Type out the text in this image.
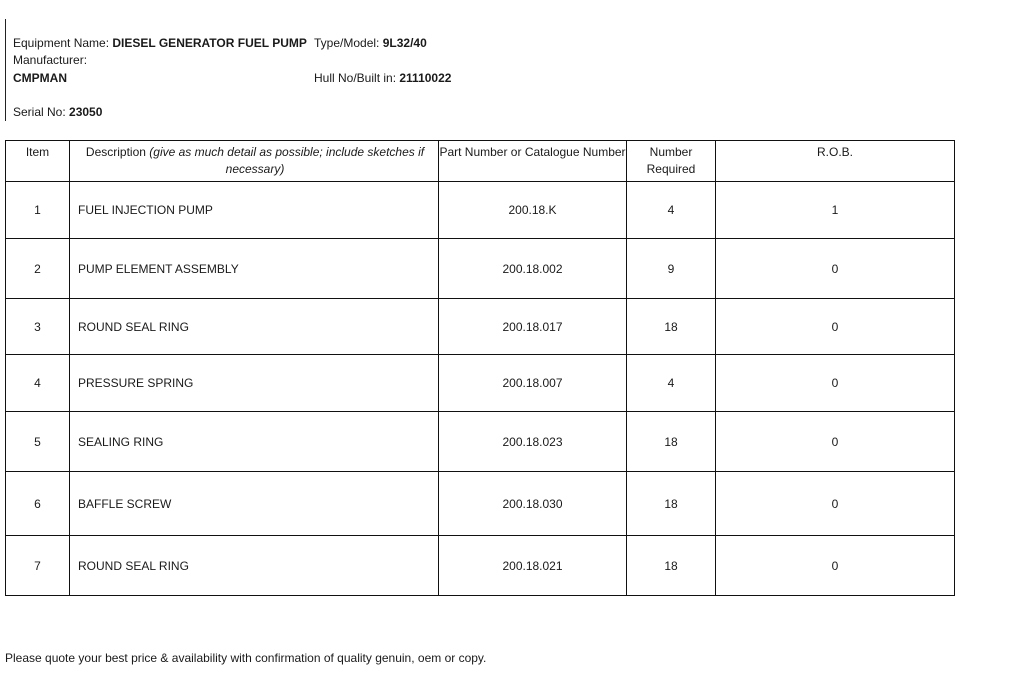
Equipment Name: DIESEL GENERATOR FUEL PUMP Type/Model: 9L32/40
Manufacturer:
CMPMAN	Hull No/Built in: 21110022
Serial No: 23050
Item	Description (give as much detail as possible; include sketches if necessary)	Part Number or Catalogue Number	Number Required	R.O.B.
1	FUEL INJECTION PUMP	200.18.K	4	1
2	PUMP ELEMENT ASSEMBLY	200.18.002	9	0
3	ROUND SEAL RING	200.18.017	18	0
4	PRESSURE SPRING	200.18.007	4	0
5	SEALING RING	200.18.023	18	0
6	BAFFLE SCREW	200.18.030	18	0
7	ROUND SEAL RING	200.18.021	18	0
Please quote your best price & availability with confirmation of quality genuin, oem or copy.
